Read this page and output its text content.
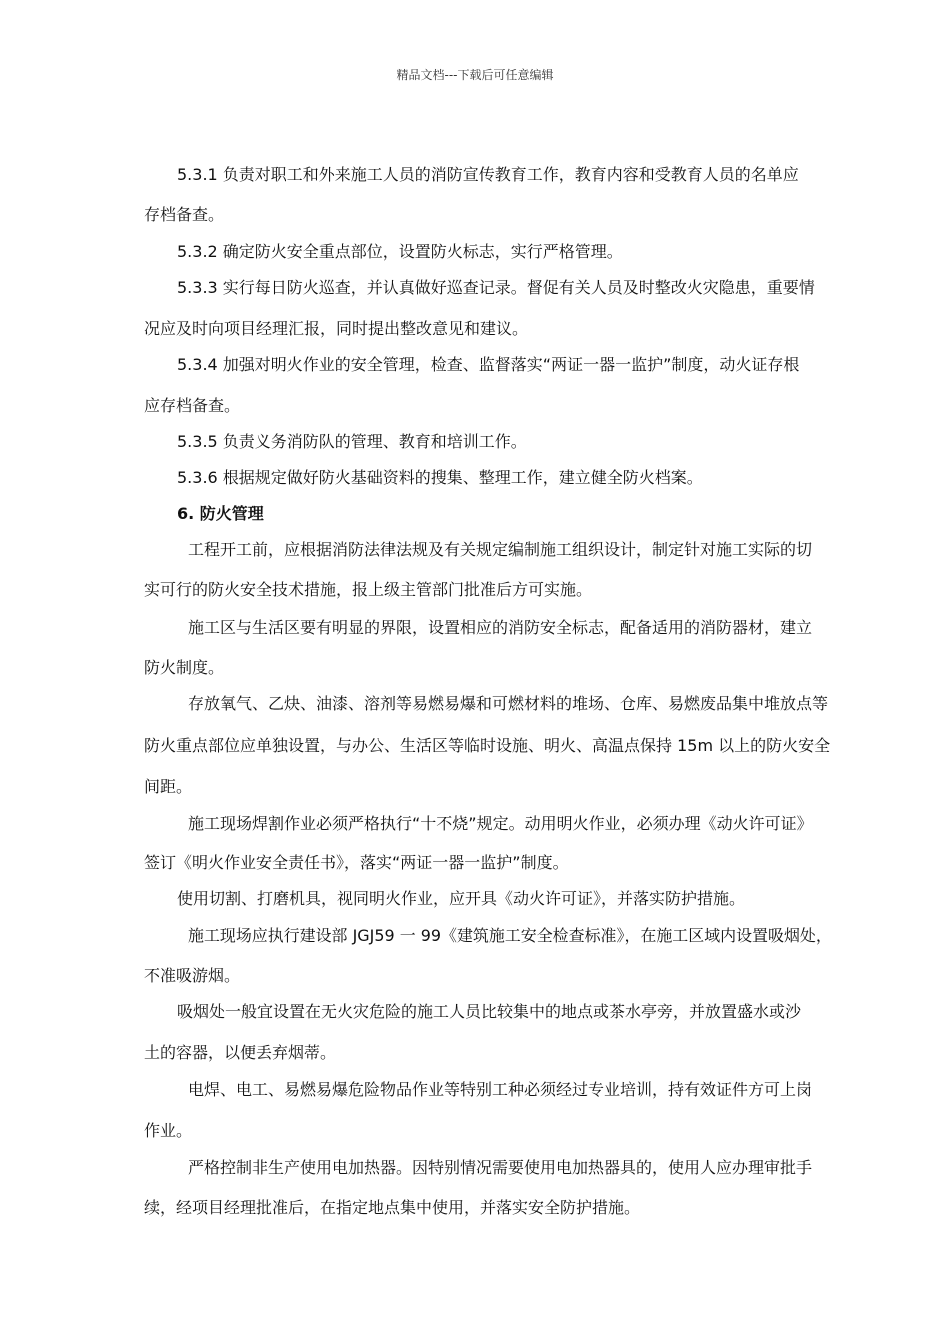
精品文档---下载后可任意编辑
5.3.1 负责对职工和外来施工人员的消防宣传教育工作，教育内容和受教育人员的名单应
存档备查。
5.3.2 确定防火安全重点部位，设置防火标志，实行严格管理。
5.3.3 实行每日防火巡查，并认真做好巡查记录。督促有关人员及时整改火灾隐患，重要情
况应及时向项目经理汇报，同时提出整改意见和建议。
5.3.4 加强对明火作业的安全管理，检查、监督落实“两证一器一监护”制度，动火证存根
应存档备查。
5.3.5 负责义务消防队的管理、教育和培训工作。
5.3.6 根据规定做好防火基础资料的搜集、整理工作，建立健全防火档案。
6. 防火管理
工程开工前，应根据消防法律法规及有关规定编制施工组织设计，制定针对施工实际的切
实可行的防火安全技术措施，报上级主管部门批准后方可实施。
施工区与生活区要有明显的界限，设置相应的消防安全标志，配备适用的消防器材，建立
防火制度。
存放氧气、乙炔、油漆、溶剂等易燃易爆和可燃材料的堆场、仓库、易燃废品集中堆放点等
防火重点部位应单独设置，与办公、生活区等临时设施、明火、高温点保持 15m 以上的防火安全
间距。
施工现场焊割作业必须严格执行“十不烧”规定。动用明火作业，必须办理《动火许可证》
签订《明火作业安全责任书》，落实“两证一器一监护”制度。
使用切割、打磨机具，视同明火作业，应开具《动火许可证》，并落实防护措施。
施工现场应执行建设部 JGJ59 一 99《建筑施工安全检查标准》，在施工区域内设置吸烟处，
不准吸游烟。
吸烟处一般宜设置在无火灾危险的施工人员比较集中的地点或茶水亭旁，并放置盛水或沙
土的容器，以便丢弃烟蒂。
电焊、电工、易燃易爆危险物品作业等特别工种必须经过专业培训，持有效证件方可上岗
作业。
严格控制非生产使用电加热器。因特别情况需要使用电加热器具的，使用人应办理审批手
续，经项目经理批准后，在指定地点集中使用，并落实安全防护措施。
